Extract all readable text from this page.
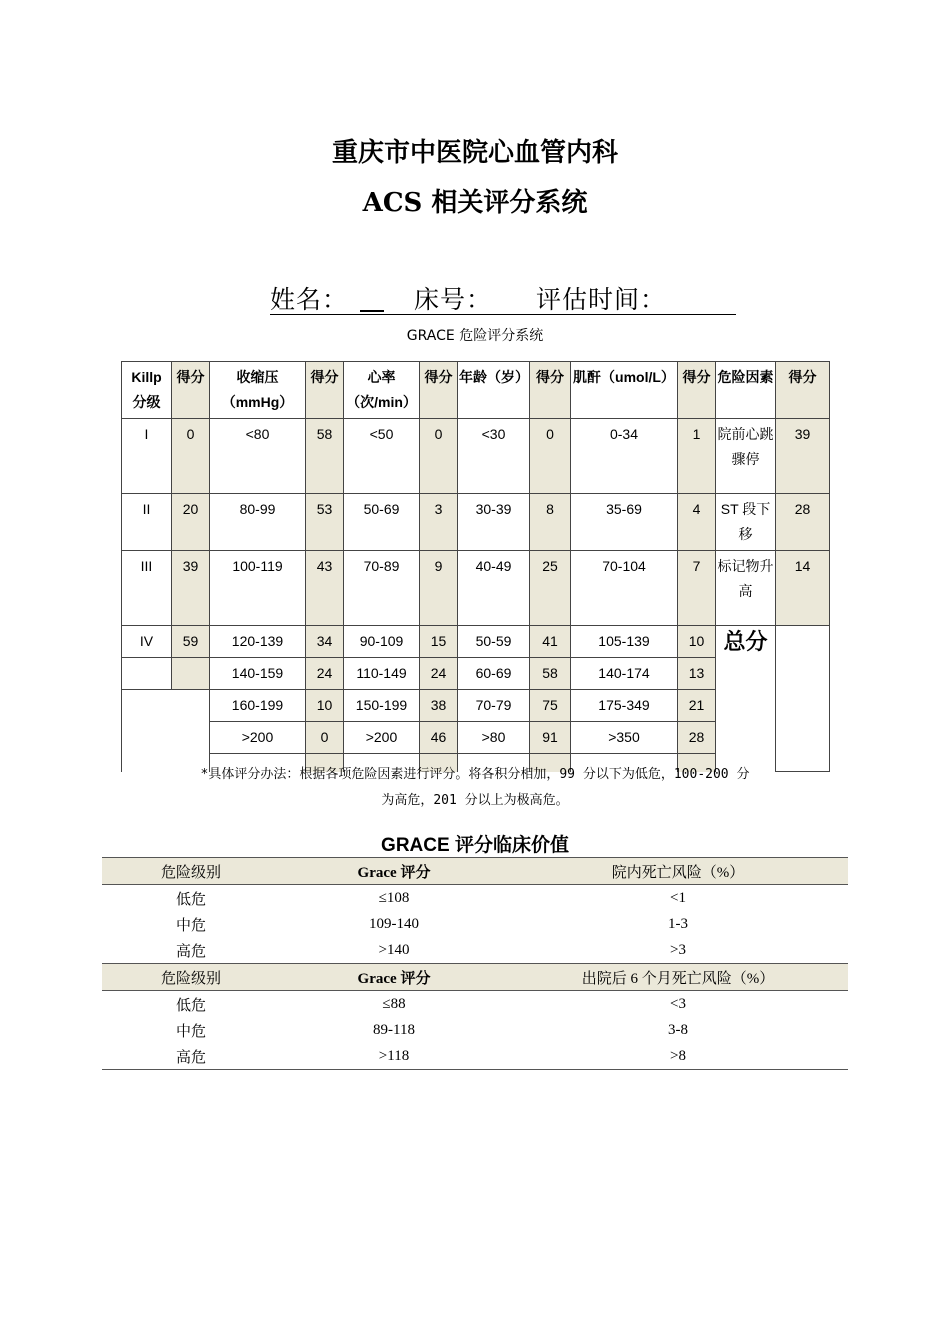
重庆市中医院心血管内科
ACS 相关评分系统
姓名：	床号： 评估时间：
GRACE 危险评分系统
Killp 分级	得分	收缩压（mmHg）	得分	心率（次/min）	得分	年龄（岁）	得分	肌酐（umol/L）	得分	危险因素	得分	
I	0	<80	58	<50	0	<30	0	0-34	1	院前心跳骤停	39	
II	20	80-99	53	50-69	3	30-39	8	35-69	4	ST 段下移	28	
III	39	100-119	43	70-89	9	40-49	25	70-104	7	标记物升高	14	
IV	59	120-139	34	90-109	15	50-59	41	105-139	10	总分		
		140-159	24	110-149	24	60-69	58	140-174	13			
		160-199	10	150-199	38	70-79	75	175-349	21			
		>200	0	>200	46	>80	91	>350	28			

*具体评分办法：根据各项危险因素进行评分。将各积分相加，99 分以下为低危，100-200 分
为高危，201 分以上为极高危。
GRACE 评分临床价值
危险级别	Grace 评分	院内死亡风险（%）
低危	≤108	<1
中危	109-140	1-3
高危	>140	>3
危险级别	Grace 评分	出院后 6 个月死亡风险（%）
低危	≤88	<3
中危	89-118	3-8
高危	>118	>8
